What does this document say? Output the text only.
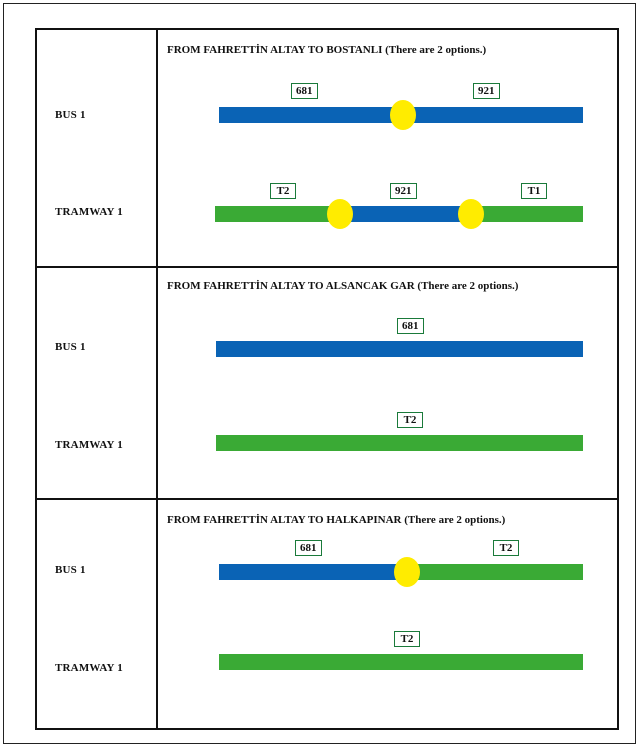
FROM FAHRETTİN ALTAY TO BOSTANLI (There are 2 options.)
BUS 1
681	921
TRAMWAY 1
T2	921	T1
FROM FAHRETTİN ALTAY TO ALSANCAK GAR (There are 2 options.)
BUS 1
681
TRAMWAY 1
T2
FROM FAHRETTİN ALTAY TO HALKAPINAR (There are 2 options.)
BUS 1
681	T2
TRAMWAY 1
T2
